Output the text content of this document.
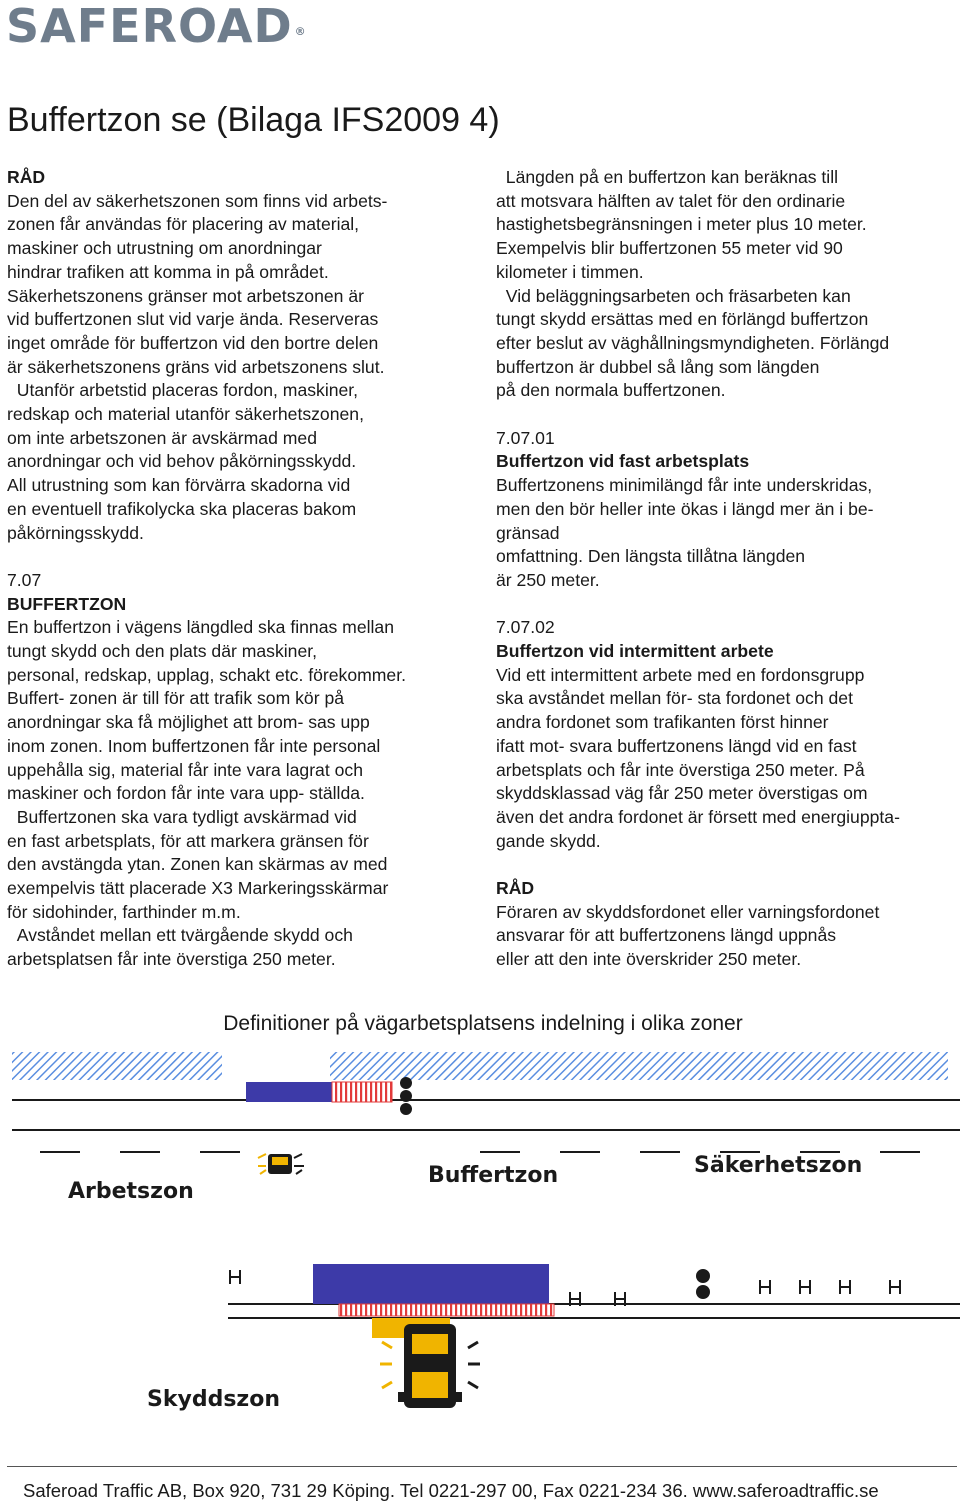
SAFEROAD ®
Buffertzon se (Bilaga IFS2009 4)

RÅD

Den del av säkerhetszonen som finns vid arbets-

zonen får användas för placering av material,

maskiner och utrustning om anordningar

hindrar trafiken att komma in på området.

Säkerhetszonens gränser mot arbetszonen är

vid buffertzonen slut vid varje ända. Reserveras

inget område för buffertzon vid den bortre delen

är säkerhetszonens gräns vid arbetszonens slut.

Utanför arbetstid placeras fordon, maskiner,

redskap och material utanför säkerhetszonen,

om inte arbetszonen är avskärmad med

anordningar och vid behov påkörningsskydd.

All utrustning som kan förvärra skadorna vid

en eventuell trafikolycka ska placeras bakom

påkörningsskydd.

7.07

BUFFERTZON

En buffertzon i vägens längdled ska finnas mellan

tungt skydd och den plats där maskiner,

personal, redskap, upplag, schakt etc. förekommer.

Buffert- zonen är till för att trafik som kör på

anordningar ska få möjlighet att brom- sas upp

inom zonen. Inom buffertzonen får inte personal

uppehålla sig, material får inte vara lagrat och

maskiner och fordon får inte vara upp- ställda.

Buffertzonen ska vara tydligt avskärmad vid

en fast arbetsplats, för att markera gränsen för

den avstängda ytan. Zonen kan skärmas av med

exempelvis tätt placerade X3 Markeringsskärmar

för sidohinder, farthinder m.m.

Avståndet mellan ett tvärgående skydd och

arbetsplatsen får inte överstiga 250 meter.

Längden på en buffertzon kan beräknas till

att motsvara hälften av talet för den ordinarie

hastighetsbegränsningen i meter plus 10 meter.

Exempelvis blir buffertzonen 55 meter vid 90

kilometer i timmen.

Vid beläggningsarbeten och fräsarbeten kan

tungt skydd ersättas med en förlängd buffertzon

efter beslut av väghållningsmyndigheten. Förlängd

buffertzon är dubbel så lång som längden

på den normala buffertzonen.

7.07.01

Buffertzon vid fast arbetsplats

Buffertzonens minimilängd får inte underskridas,

men den bör heller inte ökas i längd mer än i be-

gränsad

omfattning. Den längsta tillåtna längden

är 250 meter.

7.07.02

Buffertzon vid intermittent arbete

Vid ett intermittent arbete med en fordonsgrupp

ska avståndet mellan för- sta fordonet och det

andra fordonet som trafikanten först hinner

ifatt mot- svara buffertzonens längd vid en fast

arbetsplats och får inte överstiga 250 meter. På

skyddsklassad väg får 250 meter överstigas om

även det andra fordonet är försett med energiuppta-

gande skydd.

RÅD

Föraren av skyddsfordonet eller varningsfordonet

ansvarar för att buffertzonens längd uppnås

eller att den inte överskrider 250 meter.

Definitioner på vägarbetsplatsens indelning i olika zoner
Arbetszon
Buffertzon	Säkerhetszon
Skyddszon
Saferoad Traffic AB, Box 920, 731 29 Köping. Tel 0221-297 00, Fax 0221-234 36. www.saferoadtraffic.se
